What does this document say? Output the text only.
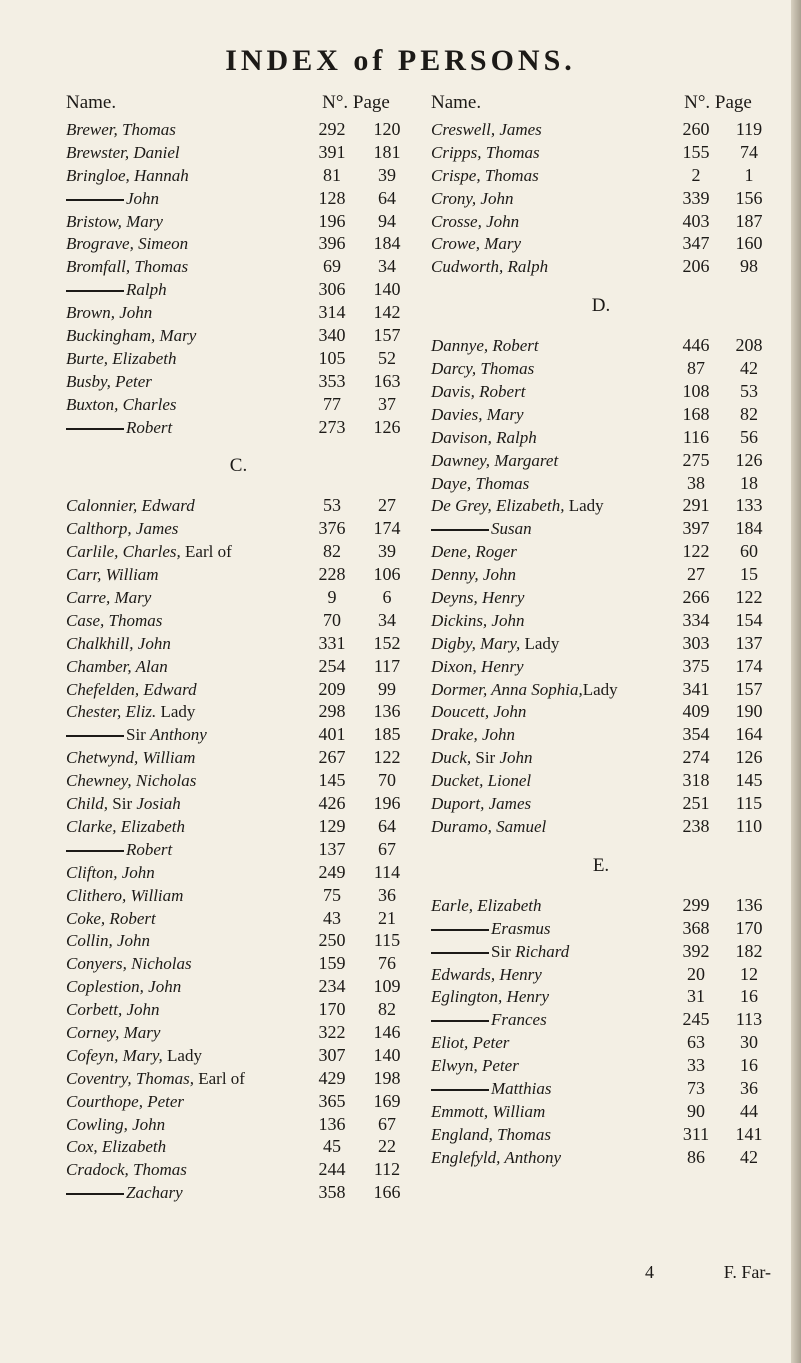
INDEX of PERSONS.
Name.	N°. Page
Brewer, Thomas	292	120
Brewster, Daniel	391	181
Bringloe, Hannah	81	39
John	128	64
Bristow, Mary	196	94
Brograve, Simeon	396	184
Bromfall, Thomas	69	34
Ralph	306	140
Brown, John	314	142
Buckingham, Mary	340	157
Burte, Elizabeth	105	52
Busby, Peter	353	163
Buxton, Charles	77	37
Robert	273	126
C.
Calonnier, Edward	53	27
Calthorp, James	376	174
Carlile, Charles, Earl of	82	39
Carr, William	228	106
Carre, Mary	9	6
Case, Thomas	70	34
Chalkhill, John	331	152
Chamber, Alan	254	117
Chefelden, Edward	209	99
Chester, Eliz. Lady	298	136
Sir Anthony	401	185
Chetwynd, William	267	122
Chewney, Nicholas	145	70
Child, Sir Josiah	426	196
Clarke, Elizabeth	129	64
Robert	137	67
Clifton, John	249	114
Clithero, William	75	36
Coke, Robert	43	21
Collin, John	250	115
Conyers, Nicholas	159	76
Coplestion, John	234	109
Corbett, John	170	82
Corney, Mary	322	146
Cofeyn, Mary, Lady	307	140
Coventry, Thomas, Earl of	429	198
Courthope, Peter	365	169
Cowling, John	136	67
Cox, Elizabeth	45	22
Cradock, Thomas	244	112
Zachary	358	166
Name.	N°. Page
Creswell, James	260	119
Cripps, Thomas	155	74
Crispe, Thomas	2	1
Crony, John	339	156
Crosse, John	403	187
Crowe, Mary	347	160
Cudworth, Ralph	206	98
D.
Dannye, Robert	446	208
Darcy, Thomas	87	42
Davis, Robert	108	53
Davies, Mary	168	82
Davison, Ralph	116	56
Dawney, Margaret	275	126
Daye, Thomas	38	18
De Grey, Elizabeth, Lady	291	133
Susan	397	184
Dene, Roger	122	60
Denny, John	27	15
Deyns, Henry	266	122
Dickins, John	334	154
Digby, Mary, Lady	303	137
Dixon, Henry	375	174
Dormer, Anna Sophia,Lady	341	157
Doucett, John	409	190
Drake, John	354	164
Duck, Sir John	274	126
Ducket, Lionel	318	145
Duport, James	251	115
Duramo, Samuel	238	110
E.
Earle, Elizabeth	299	136
Erasmus	368	170
Sir Richard	392	182
Edwards, Henry	20	12
Eglington, Henry	31	16
Frances	245	113
Eliot, Peter	63	30
Elwyn, Peter	33	16
Matthias	73	36
Emmott, William	90	44
England, Thomas	311	141
Englefyld, Anthony	86	42
4	F. Far-
